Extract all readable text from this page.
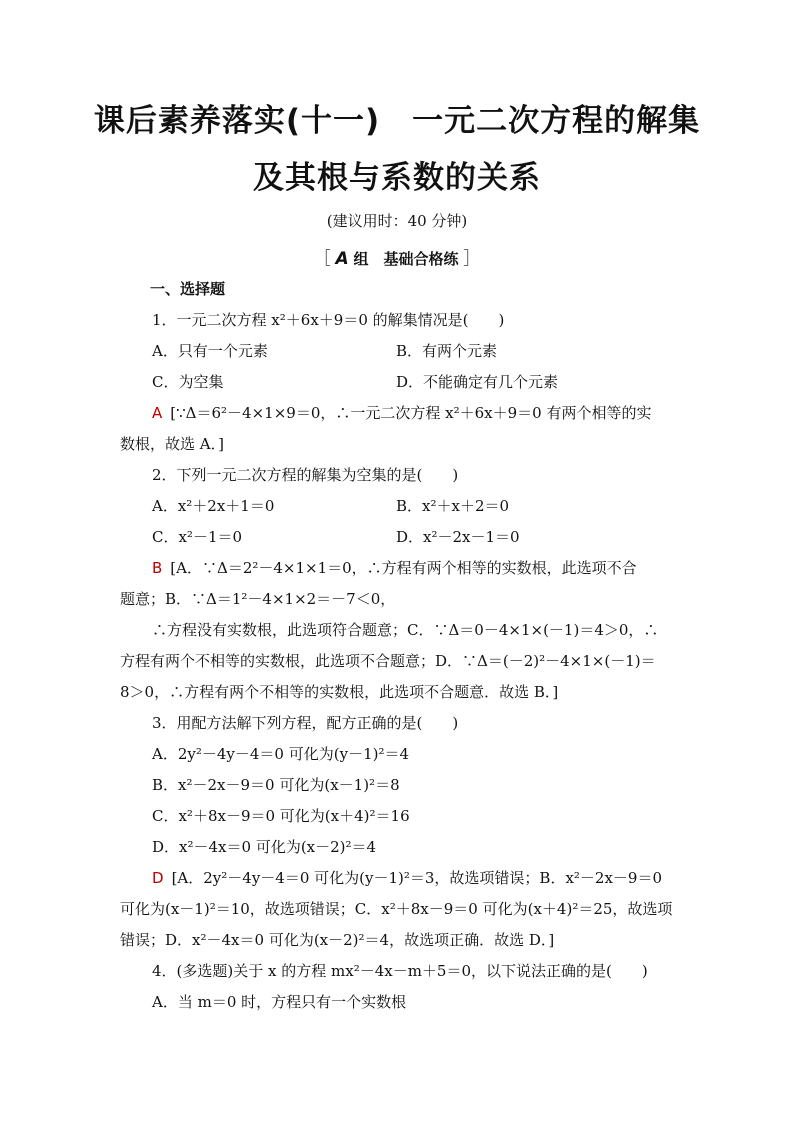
课后素养落实(十一)　一元二次方程的解集
及其根与系数的关系
(建议用时：40 分钟)
［ A 组　基础合格练 ］
一、选择题
1．一元二次方程 x²＋6x＋9＝0 的解集情况是(　　)
A．只有一个元素	B．有两个元素
C．为空集	D．不能确定有几个元素
A [∵Δ＝6²－4×1×9＝0，∴一元二次方程 x²＋6x＋9＝0 有两个相等的实
数根，故选 A．]
2．下列一元二次方程的解集为空集的是(　　)
A．x²＋2x＋1＝0	B．x²＋x＋2＝0
C．x²－1＝0	D．x²－2x－1＝0
B [A．∵Δ＝2²－4×1×1＝0，∴方程有两个相等的实数根，此选项不合
题意；B．∵Δ＝1²－4×1×2＝－7＜0，
∴方程没有实数根，此选项符合题意；C．∵Δ＝0－4×1×(－1)＝4＞0，∴
方程有两个不相等的实数根，此选项不合题意；D．∵Δ＝(－2)²－4×1×(－1)＝
8＞0，∴方程有两个不相等的实数根，此选项不合题意．故选 B．]
3．用配方法解下列方程，配方正确的是(　　)
A．2y²－4y－4＝0 可化为(y－1)²＝4
B．x²－2x－9＝0 可化为(x－1)²＝8
C．x²＋8x－9＝0 可化为(x＋4)²＝16
D．x²－4x＝0 可化为(x－2)²＝4
D [A．2y²－4y－4＝0 可化为(y－1)²＝3，故选项错误；B．x²－2x－9＝0
可化为(x－1)²＝10，故选项错误；C．x²＋8x－9＝0 可化为(x＋4)²＝25，故选项
错误；D．x²－4x＝0 可化为(x－2)²＝4，故选项正确．故选 D．]
4．(多选题)关于 x 的方程 mx²－4x－m＋5＝0，以下说法正确的是(　　)
A．当 m＝0 时，方程只有一个实数根
